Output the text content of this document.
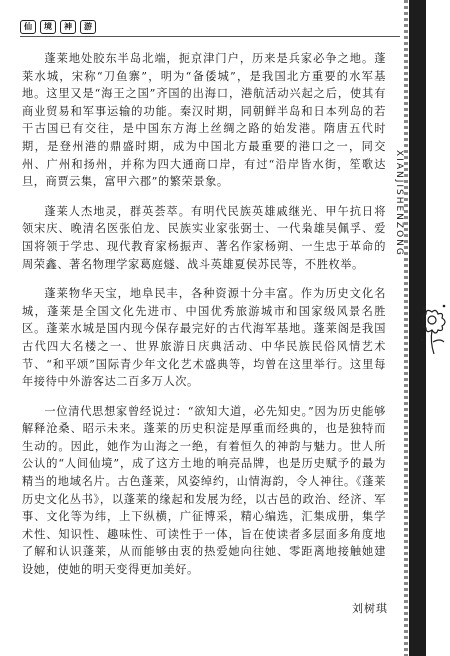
仙	境	神	游
XIANJISHENZONG

蓬莱地处胶东半岛北端，扼京津门户，历来是兵家必争之地。蓬莱水城，宋称“刀鱼寨”，明为“备倭城”，是我国北方重要的水军基地。这里又是“海王之国”齐国的出海口，港航活动兴起之后，使其有商业贸易和军事运输的功能。秦汉时期，同朝鲜半岛和日本列岛的若干古国已有交往，是中国东方海上丝绸之路的始发港。隋唐五代时期，是登州港的鼎盛时期，成为中国北方最重要的港口之一，同交州、广州和扬州，并称为四大通商口岸，有过“沿岸皆水街，笙歌达旦，商贾云集，富甲六郡”的繁荣景象。

蓬莱人杰地灵，群英荟萃。有明代民族英雄戚继光、甲午抗日将领宋庆、晚清名医张伯龙、民族实业家张弼士、一代枭雄吴佩孚、爱国将领于学忠、现代教育家杨振声、著名作家杨朔、一生忠于革命的周荣鑫、著名物理学家葛庭燧、战斗英雄夏侯苏民等，不胜枚举。

蓬莱物华天宝，地阜民丰，各种资源十分丰富。作为历史文化名城，蓬莱是全国文化先进市、中国优秀旅游城市和国家级风景名胜区。蓬莱水城是国内现今保存最完好的古代海军基地。蓬莱阁是我国古代四大名楼之一、世界旅游日庆典活动、中华民族民俗风情艺术节、“和平颂”国际青少年文化艺术盛典等，均曾在这里举行。这里每年接待中外游客达二百多万人次。

一位清代思想家曾经说过：“欲知大道，必先知史。”因为历史能够解释沧桑、昭示未来。蓬莱的历史积淀是厚重而经典的，也是独特而生动的。因此，她作为山海之一绝，有着恒久的神韵与魅力。世人所公认的“人间仙境”，成了这方土地的响亮品牌，也是历史赋予的最为精当的地域名片。古色蓬莱，风姿绰约，山情海韵，令人神往。《蓬莱历史文化丛书》，以蓬莱的缘起和发展为经，以古邑的政治、经济、军事、文化等为纬，上下纵横，广征博采，精心编选，汇集成册，集学术性、知识性、趣味性、可读性于一体，旨在使读者多层面多角度地了解和认识蓬莱，从而能够由衷的热爱她向往她、零距离地接触她建设她，使她的明天变得更加美好。

刘树琪
